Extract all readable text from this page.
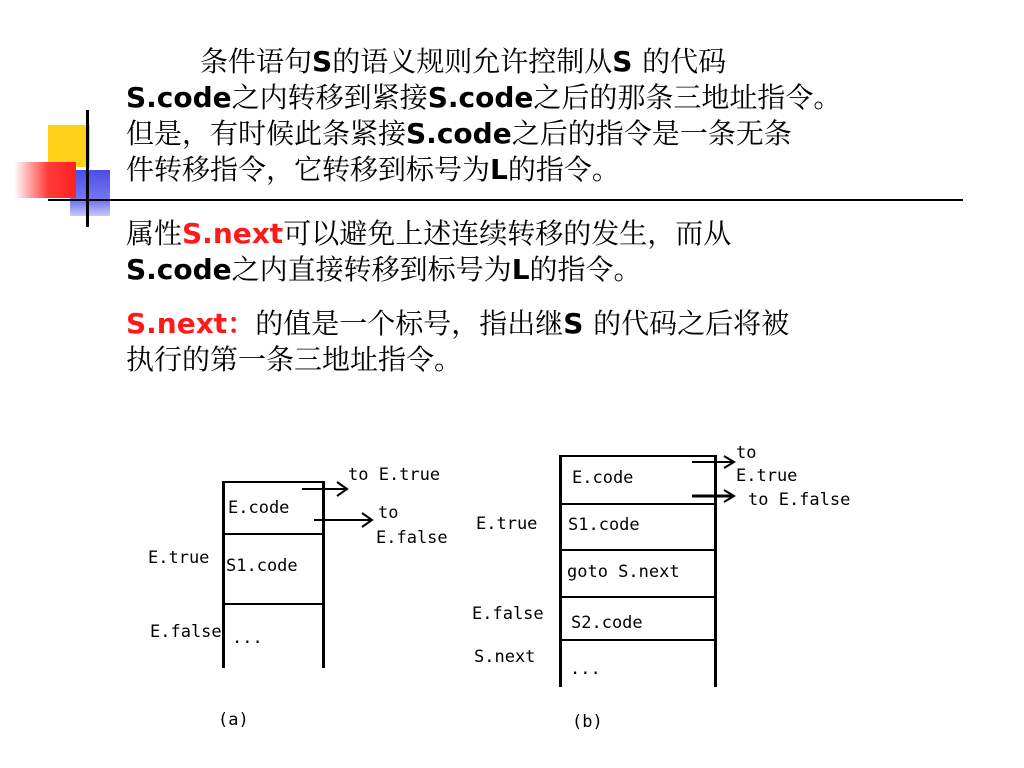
条件语句S的语义规则允许控制从S 的代码
S.code之内转移到紧接S.code之后的那条三地址指令。
但是，有时候此条紧接S.code之后的指令是一条无条
件转移指令，它转移到标号为L的指令。
属性S.next可以避免上述连续转移的发生，而从
S.code之内直接转移到标号为L的指令。
S.next：的值是一个标号，指出继S 的代码之后将被
执行的第一条三地址指令。
E.code
S1.code
...
E.true
E.false
to E.true
to
E.false
(a)
E.code
S1.code
goto S.next
S2.code
...
E.true
E.false
S.next
to
E.true
to E.false
(b)
